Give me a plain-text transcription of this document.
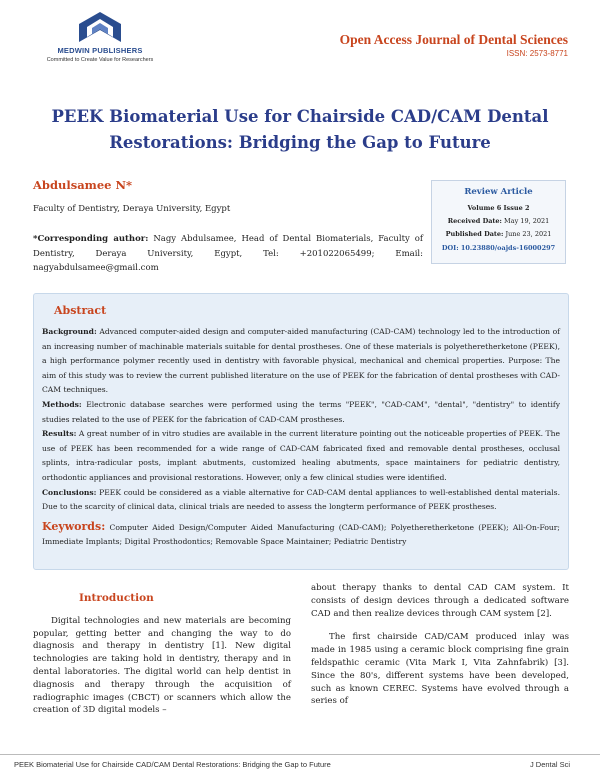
MEDWIN PUBLISHERS
Committed to Create Value for Researchers
Open Access Journal of Dental Sciences
ISSN: 2573-8771
PEEK Biomaterial Use for Chairside CAD/CAM Dental Restorations: Bridging the Gap to Future
Abdulsamee N*
Faculty of Dentistry, Deraya University, Egypt
*Corresponding author: Nagy Abdulsamee, Head of Dental Biomaterials, Faculty of Dentistry, Deraya University, Egypt, Tel: +201022065499; Email: nagyabdulsamee@gmail.com
Review Article
Volume 6 Issue 2
Received Date: May 19, 2021
Published Date: June 23, 2021
DOI: 10.23880/oajds-16000297
Abstract

Background: Advanced computer-aided design and computer-aided manufacturing (CAD-CAM) technology led to the introduction of an increasing number of machinable materials suitable for dental prostheses. One of these materials is polyetheretherketone (PEEK), a high performance polymer recently used in dentistry with favorable physical, mechanical and chemical properties. Purpose: The aim of this study was to review the current published literature on the use of PEEK for the fabrication of dental prostheses with CAD-CAM techniques.

Methods: Electronic database searches were performed using the terms "PEEK", "CAD-CAM", "dental", "dentistry" to identify studies related to the use of PEEK for the fabrication of CAD-CAM prostheses.

Results: A great number of in vitro studies are available in the current literature pointing out the noticeable properties of PEEK. The use of PEEK has been recommended for a wide range of CAD-CAM fabricated fixed and removable dental prostheses, occlusal splints, intra-radicular posts, implant abutments, customized healing abutments, space maintainers for pediatric dentistry, orthodontic appliances and provisional restorations. However, only a few clinical studies were identified.

Conclusions: PEEK could be considered as a viable alternative for CAD-CAM dental appliances to well-established dental materials. Due to the scarcity of clinical data, clinical trials are needed to assess the longterm performance of PEEK prostheses.

Keywords: Computer Aided Design/Computer Aided Manufacturing (CAD-CAM); Polyetheretherketone (PEEK); All-On-Four; Immediate Implants; Digital Prosthodontics; Removable Space Maintainer; Pediatric Dentistry

Introduction

Digital technologies and new materials are becoming popular, getting better and changing the way to do diagnosis and therapy in dentistry [1]. New digital technologies are taking hold in dentistry, therapy and in dental laboratories. The digital world can help dentist in diagnosis and therapy through the acquisition of radiographic images (CBCT) or scanners which allow the creation of 3D digital models –

about therapy thanks to dental CAD CAM system. It consists of design devices through a dedicated software CAD and then realize devices through CAM system [2].

The first chairside CAD/CAM produced inlay was made in 1985 using a ceramic block comprising fine grain feldspathic ceramic (Vita Mark I, Vita Zahnfabrik) [3]. Since the 80's, different systems have been developed, such as known CEREC. Systems have evolved through a series of

PEEK Biomaterial Use for Chairside CAD/CAM Dental Restorations: Bridging the Gap to Future	J Dental Sci
